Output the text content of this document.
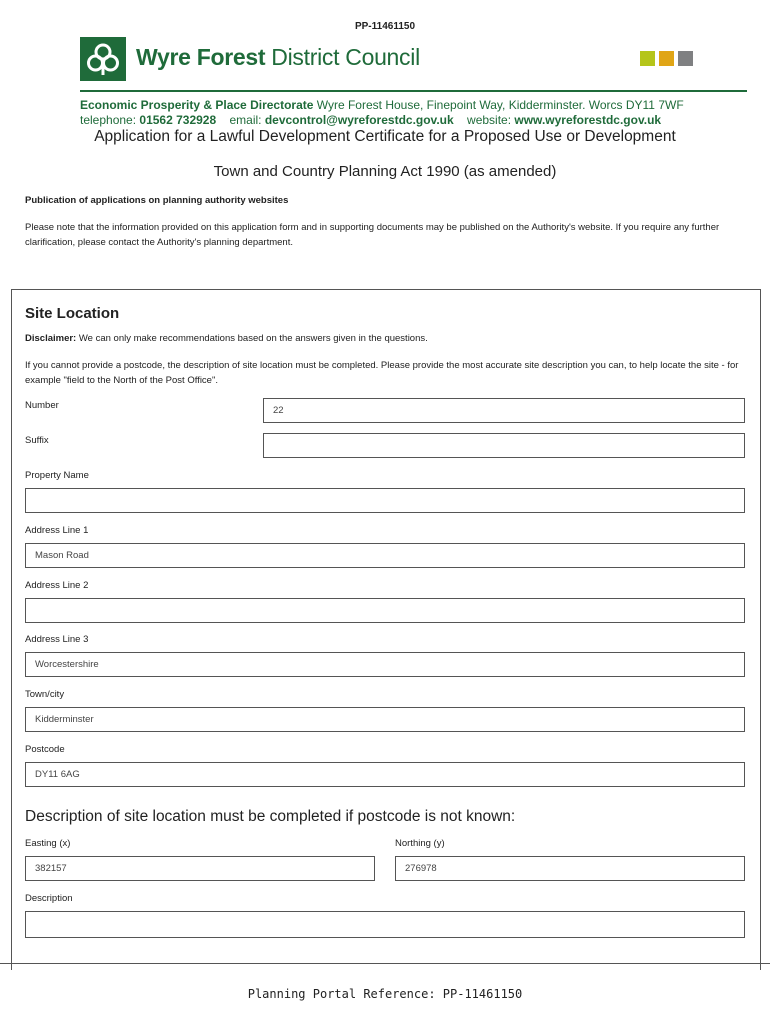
PP-11461150
Wyre Forest District Council
Economic Prosperity & Place Directorate Wyre Forest House, Finepoint Way, Kidderminster. Worcs DY11 7WF
telephone: 01562 732928 email: devcontrol@wyreforestdc.gov.uk website: www.wyreforestdc.gov.uk
Application for a Lawful Development Certificate for a Proposed Use or Development
Town and Country Planning Act 1990 (as amended)
Publication of applications on planning authority websites
Please note that the information provided on this application form and in supporting documents may be published on the Authority's website. If you require any further clarification, please contact the Authority's planning department.
Site Location
Disclaimer: We can only make recommendations based on the answers given in the questions.
If you cannot provide a postcode, the description of site location must be completed. Please provide the most accurate site description you can, to help locate the site - for example "field to the North of the Post Office".
Number	22
Suffix
Property Name
Address Line 1
Mason Road
Address Line 2
Address Line 3
Worcestershire
Town/city
Kidderminster
Postcode
DY11 6AG
Description of site location must be completed if postcode is not known:
Easting (x)
382157
Northing (y)
276978
Description
Planning Portal Reference: PP-11461150
